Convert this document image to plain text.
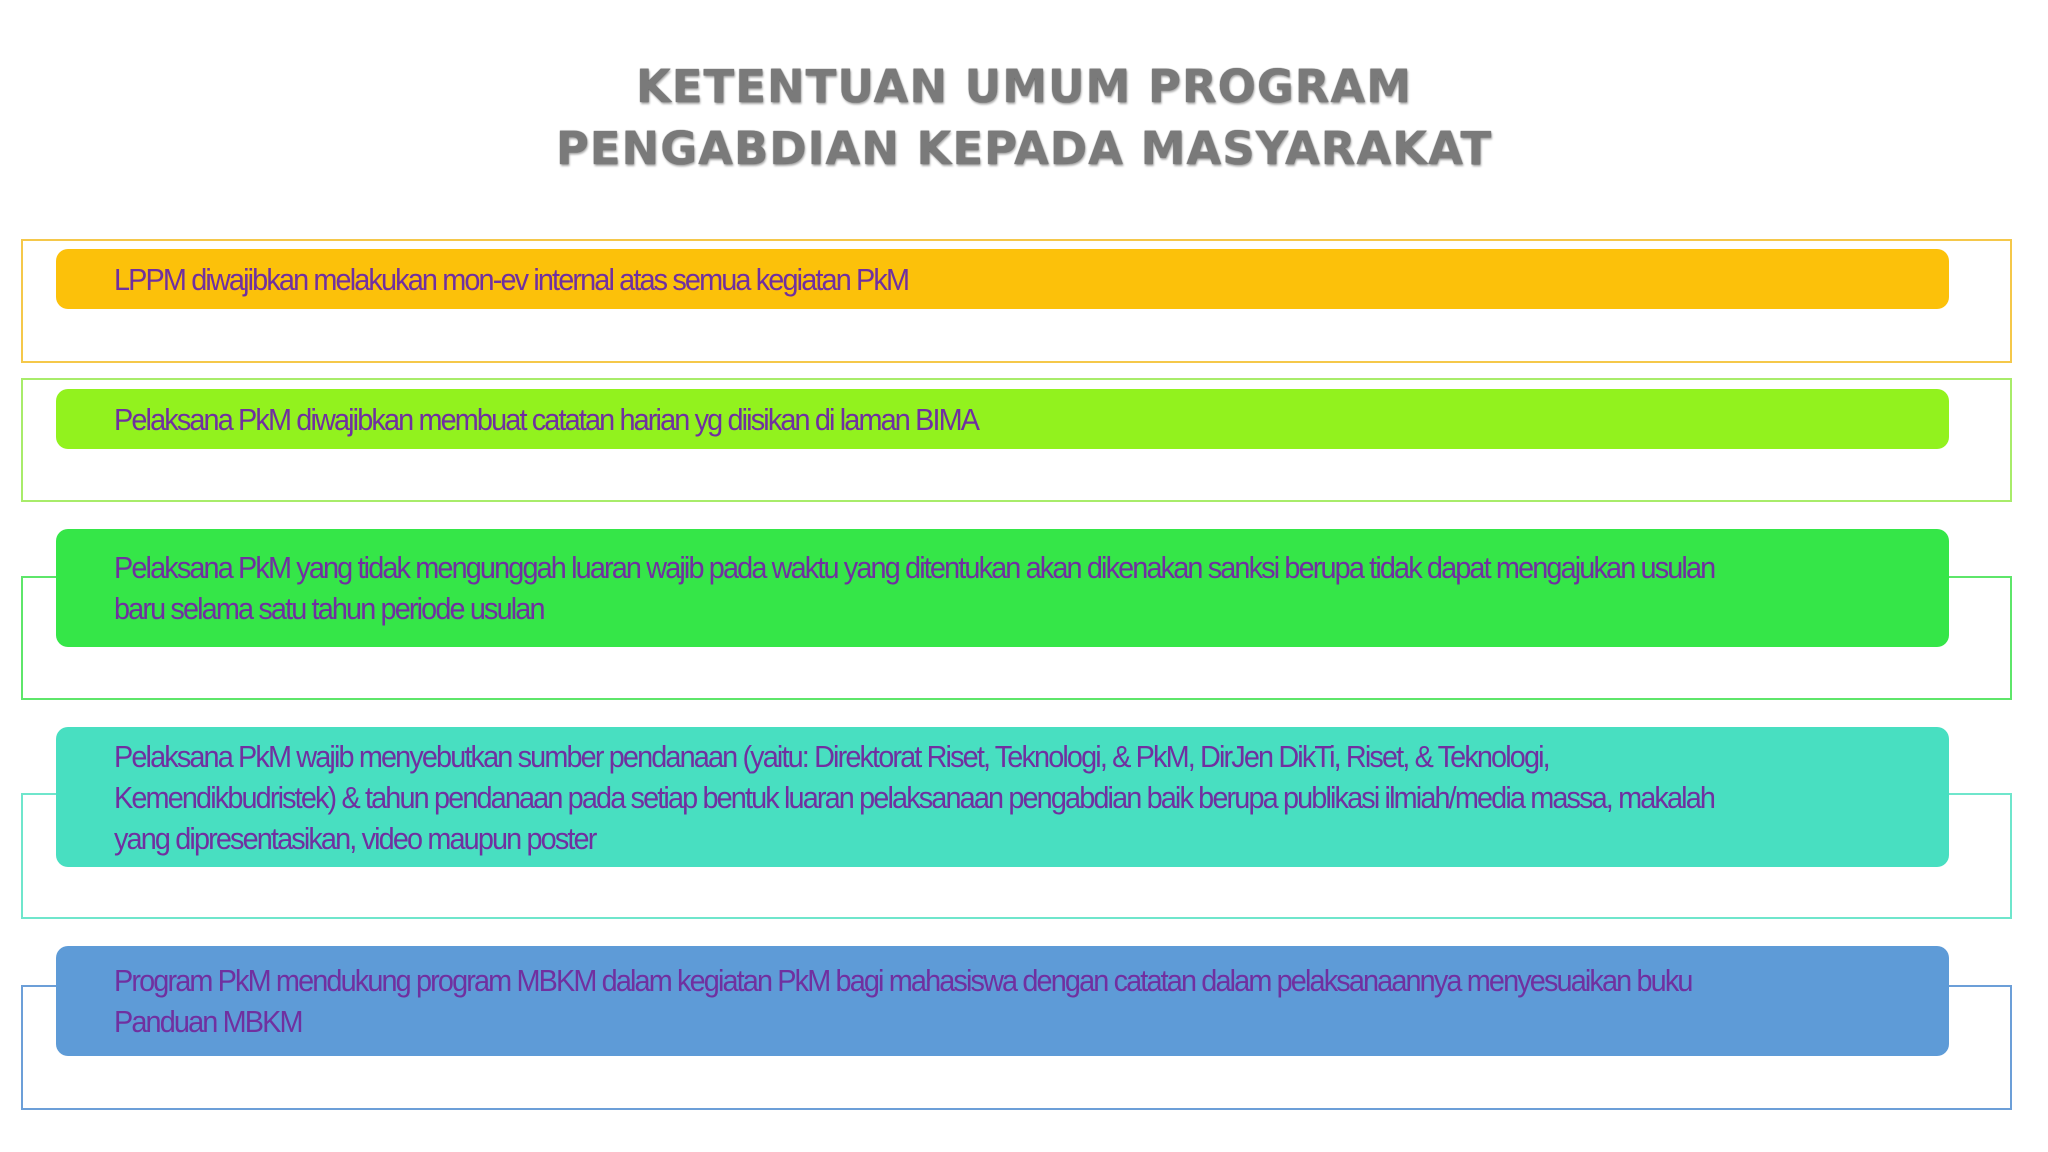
KETENTUAN UMUM PROGRAM
PENGABDIAN KEPADA MASYARAKAT
LPPM diwajibkan melakukan mon-ev internal atas semua kegiatan PkM
Pelaksana PkM diwajibkan membuat catatan harian yg diisikan di laman BIMA
Pelaksana PkM yang tidak mengunggah luaran wajib pada waktu yang ditentukan akan dikenakan sanksi berupa tidak dapat mengajukan usulan baru selama satu tahun periode usulan
Pelaksana PkM wajib menyebutkan sumber pendanaan (yaitu: Direktorat Riset, Teknologi, & PkM, DirJen DikTi, Riset, & Teknologi, Kemendikbudristek) & tahun pendanaan pada setiap bentuk luaran pelaksanaan pengabdian baik berupa publikasi ilmiah/media massa, makalah yang dipresentasikan, video maupun poster
Program PkM mendukung program MBKM dalam kegiatan PkM bagi mahasiswa dengan catatan dalam pelaksanaannya menyesuaikan buku Panduan MBKM
